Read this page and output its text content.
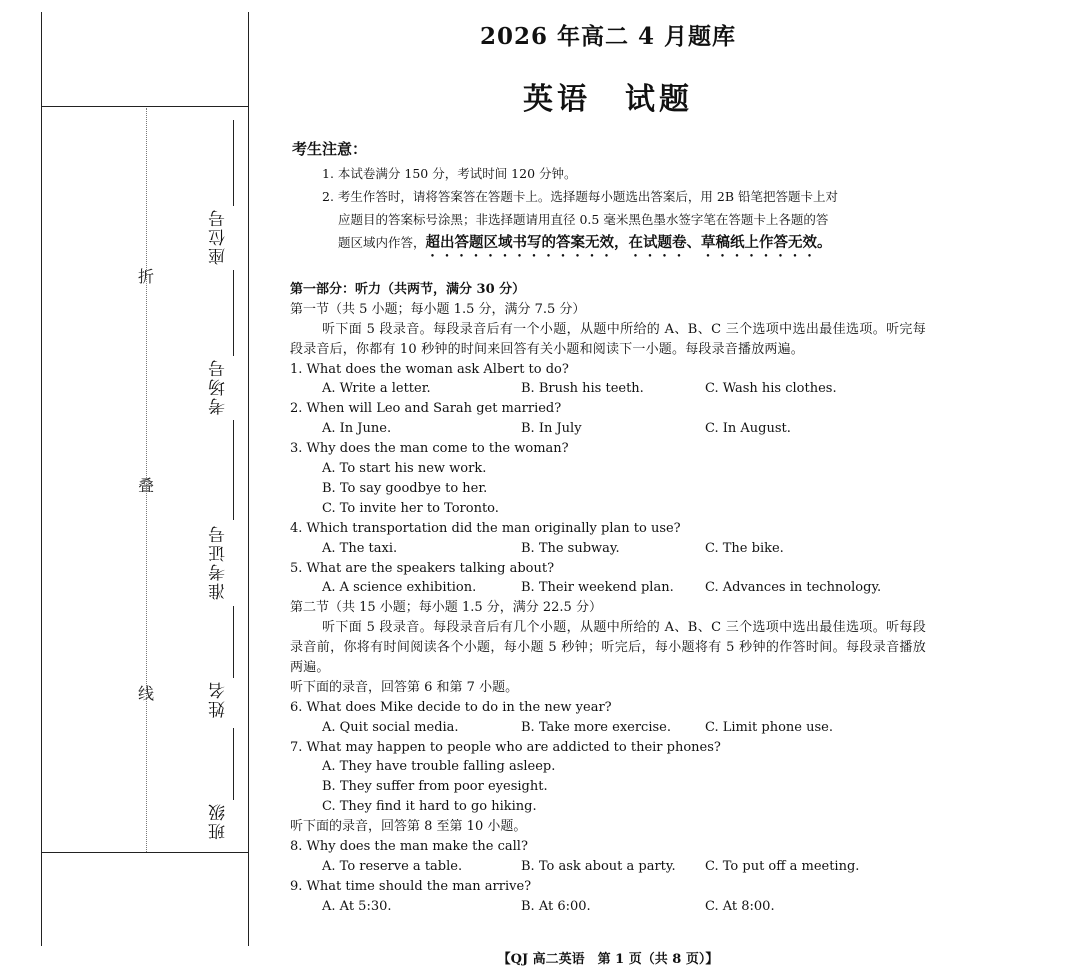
折
叠
线
座位号
考场号
准考证号
姓名
班级
2026 年高二 4 月题库
英语　试题
考生注意：
1. 本试卷满分 150 分，考试时间 120 分钟。
2. 考生作答时，请将答案答在答题卡上。选择题每小题选出答案后，用 2B 铅笔把答题卡上对
应题目的答案标号涂黑；非选择题请用直径 0.5 毫米黑色墨水签字笔在答题卡上各题的答
题区域内作答，超出答题区域书写的答案无效，在试题卷、草稿纸上作答无效。
第一部分：听力（共两节，满分 30 分）
第一节（共 5 小题；每小题 1.5 分，满分 7.5 分）
听下面 5 段录音。每段录音后有一个小题，从题中所给的 A、B、C 三个选项中选出最佳选项。听完每段录音后，你都有 10 秒钟的时间来回答有关小题和阅读下一小题。每段录音播放两遍。
1. What does the woman ask Albert to do?
A. Write a letter.	B. Brush his teeth.	C. Wash his clothes.
2. When will Leo and Sarah get married?
A. In June.	B. In July	C. In August.
3. Why does the man come to the woman?
A. To start his new work.
B. To say goodbye to her.
C. To invite her to Toronto.
4. Which transportation did the man originally plan to use?
A. The taxi.	B. The subway.	C. The bike.
5. What are the speakers talking about?
A. A science exhibition.	B. Their weekend plan.	C. Advances in technology.
第二节（共 15 小题；每小题 1.5 分，满分 22.5 分）
听下面 5 段录音。每段录音后有几个小题，从题中所给的 A、B、C 三个选项中选出最佳选项。听每段录音前，你将有时间阅读各个小题，每小题 5 秒钟；听完后，每小题将有 5 秒钟的作答时间。每段录音播放两遍。
听下面的录音，回答第 6 和第 7 小题。
6. What does Mike decide to do in the new year?
A. Quit social media.	B. Take more exercise.	C. Limit phone use.
7. What may happen to people who are addicted to their phones?
A. They have trouble falling asleep.
B. They suffer from poor eyesight.
C. They find it hard to go hiking.
听下面的录音，回答第 8 至第 10 小题。
8. Why does the man make the call?
A. To reserve a table.	B. To ask about a party.	C. To put off a meeting.
9. What time should the man arrive?
A. At 5:30.	B. At 6:00.	C. At 8:00.
【QJ 高二英语　第 1 页（共 8 页）】
